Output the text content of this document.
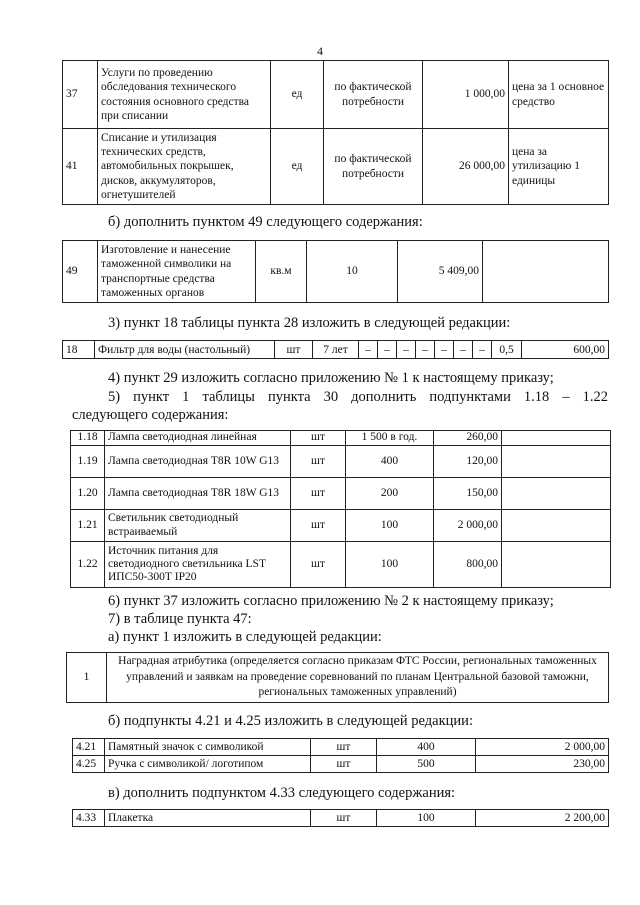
4
37	Услуги по проведению обследования технического состояния основного средства при списании	ед	по фактической потребности	1 000,00	цена за 1 основное средство
41	Списание и утилизация технических средств, автомобильных покрышек, дисков, аккумуляторов, огнетушителей	ед	по фактической потребности	26 000,00	цена за утилизацию 1 единицы
б) дополнить пунктом 49 следующего содержания:
49	Изготовление и нанесение таможенной символики на транспортные средства таможенных органов	кв.м	10	5 409,00	
3) пункт 18 таблицы пункта 28 изложить в следующей редакции:
18	Фильтр для воды (настольный)	шт	7 лет	–	–	–	–	–	–	–	0,5	600,00
4) пункт 29 изложить согласно приложению № 1 к настоящему приказу;
5) пункт 1 таблицы пункта 30 дополнить подпунктами 1.18 – 1.22
следующего содержания:
1.18	Лампа светодиодная линейная	шт	1 500 в год.	260,00	
1.19	Лампа светодиодная T8R 10W G13	шт	400	120,00	
1.20	Лампа светодиодная T8R 18W G13	шт	200	150,00	
1.21	Светильник светодиодный встраиваемый	шт	100	2 000,00	
1.22	Источник питания для светодиодного светильника LST ИПС50-300Т IP20	шт	100	800,00	
6) пункт 37 изложить согласно приложению № 2 к настоящему приказу;
7) в таблице пункта 47:
а) пункт 1 изложить в следующей редакции:
1	Наградная атрибутика (определяется согласно приказам ФТС России, региональных таможенных управлений и заявкам на проведение соревнований по планам Центральной базовой таможни, региональных таможенных управлений)
б) подпункты 4.21 и 4.25 изложить в следующей редакции:
4.21	Памятный значок с символикой	шт	400	2 000,00
4.25	Ручка с символикой/ логотипом	шт	500	230,00
в) дополнить подпунктом 4.33 следующего содержания:
4.33	Плакетка	шт	100	2 200,00
